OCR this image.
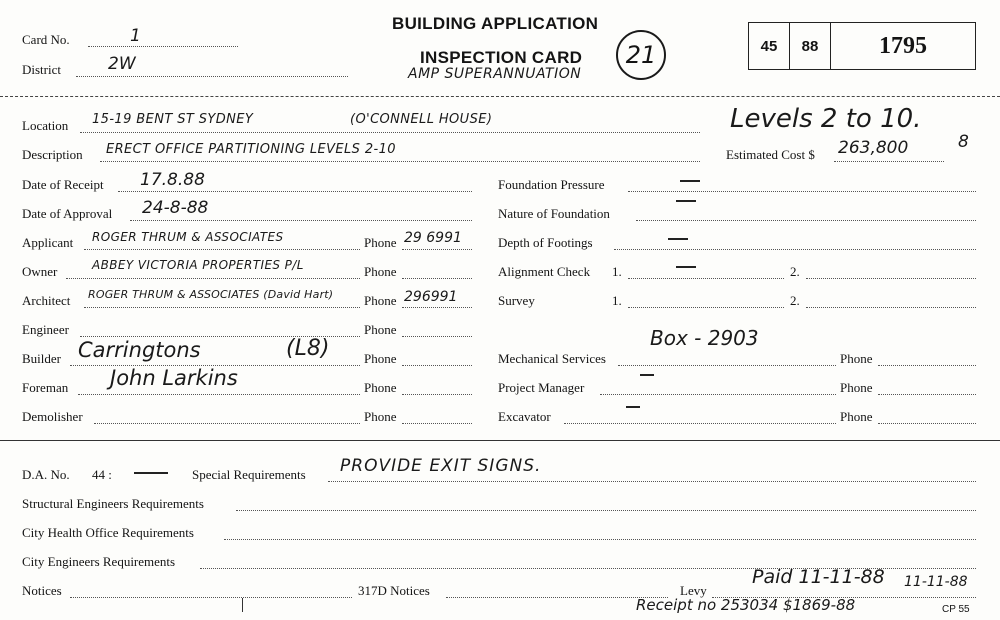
Card No.	1
District	2W
BUILDING APPLICATION
INSPECTION CARD
AMP SUPERANNUATION
21	45	88	1795
Location 15-19 BENT ST SYDNEY	(O'CONNELL HOUSE)	Levels 2 to 10.
Description ERECT OFFICE PARTITIONING LEVELS 2-10	Estimated Cost $ 263,800	8
Date of Receipt 17.8.88
Date of Approval 24-8-88
Applicant ROGER THRUM & ASSOCIATES	Phone 29 6991
Owner	ABBEY VICTORIA PROPERTIES P/L	Phone
Architect ROGER THRUM & ASSOCIATES (David Hart) Phone 296991
Engineer	Phone
Builder Carringtons	(L8)	Phone
Foreman John Larkins	Phone
Demolisher	Phone
Foundation Pressure
Nature of Foundation
Depth of Footings
Alignment Check 1.	2.
Survey	1.	2.
Box - 2903
Mechanical Services	Phone
Project Manager	Phone
Excavator	Phone
D.A. No. 44 :	Special Requirements PROVIDE EXIT SIGNS.
Structural Engineers Requirements
City Health Office Requirements
City Engineers Requirements
Notices	317D Notices	Levy
Paid 11-11-88 11-11-88
Receipt no 253034 $1869-88	CP 55
